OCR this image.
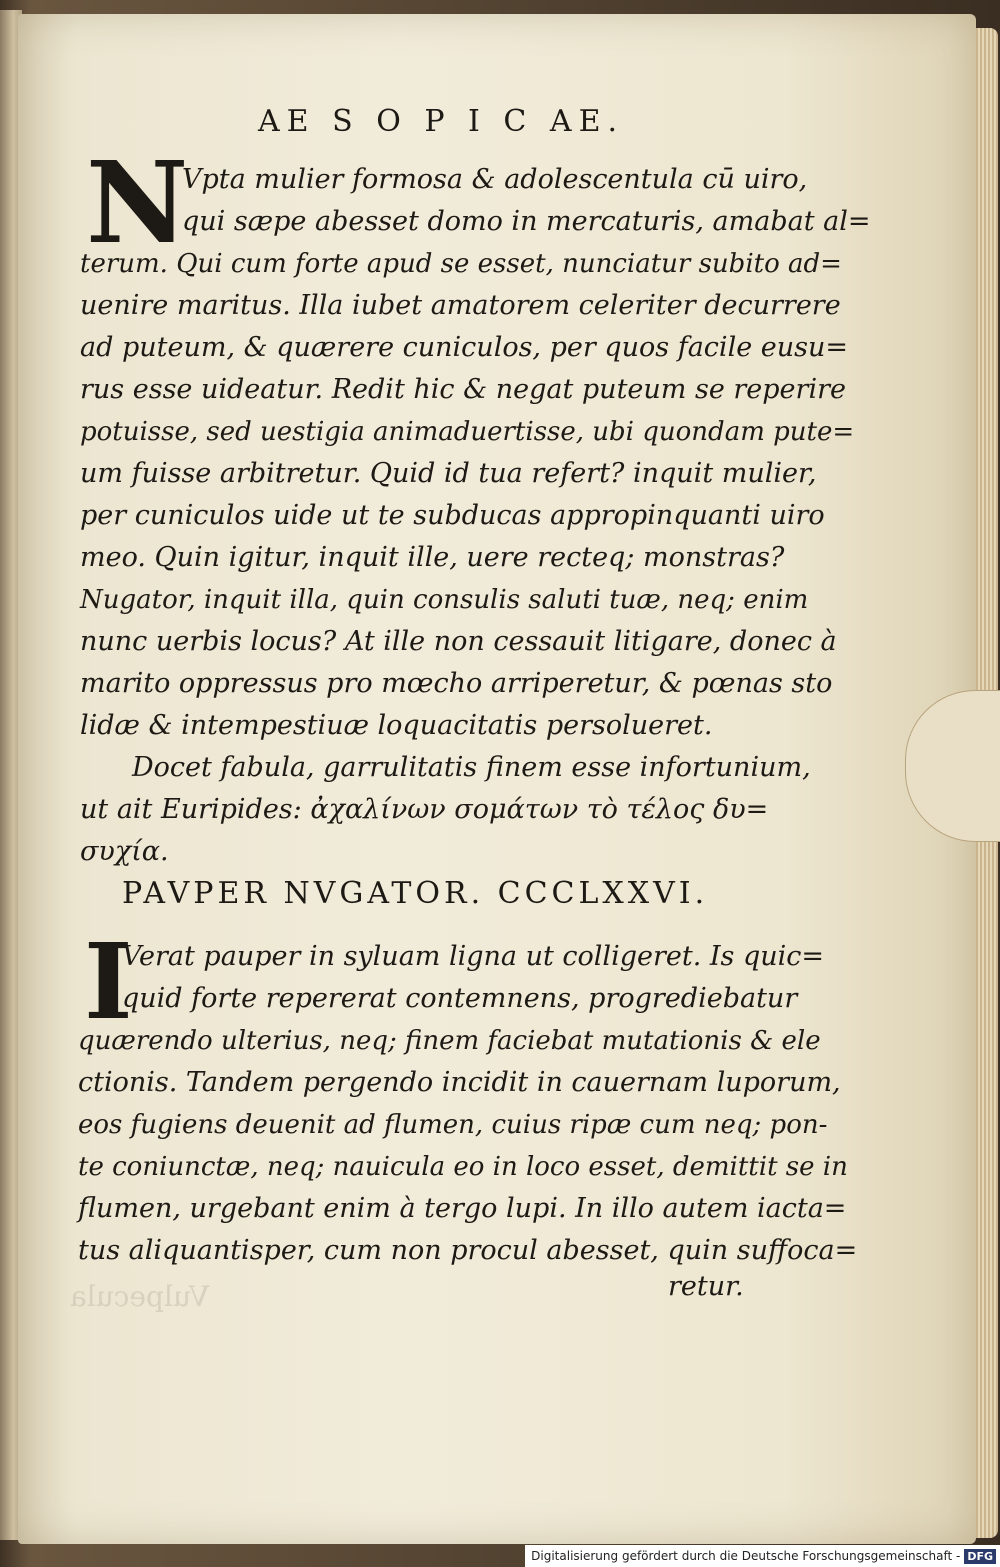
AE S O P I C AE.
N
Vpta mulier formosa & adolescentula cū uiro,
qui sæpe abesset domo in mercaturis, amabat al=
terum. Qui cum forte apud se esset, nunciatur subito ad=
uenire maritus. Illa iubet amatorem celeriter decurrere
ad puteum, & quærere cuniculos, per quos facile eusu=
rus esse uideatur. Redit hic & negat puteum se reperire
potuisse, sed uestigia animaduertisse, ubi quondam pute=
um fuisse arbitretur. Quid id tua refert? inquit mulier,
per cuniculos uide ut te subducas appropinquanti uiro
meo. Quin igitur, inquit ille, uere recteq; monstras?
Nugator, inquit illa, quin consulis saluti tuæ, neq; enim
nunc uerbis locus? At ille non cessauit litigare, donec à
marito oppressus pro mœcho arriperetur, & pœnas sto
lidæ & intempestiuæ loquacitatis persolueret.
Docet fabula, garrulitatis finem esse infortunium,
ut ait Euripides: ἀχαλίνων σομάτων τὸ τέλος δυ=
συχία.
PAVPER NVGATOR. CCCLXXVI.
I
Verat pauper in syluam ligna ut colligeret. Is quic=
quid forte repererat contemnens, progrediebatur
quærendo ulterius, neq; finem faciebat mutationis & ele
ctionis. Tandem pergendo incidit in cauernam luporum,
eos fugiens deuenit ad flumen, cuius ripæ cum neq; pon-
te coniunctæ, neq; nauicula eo in loco esset, demittit se in
flumen, urgebant enim à tergo lupi. In illo autem iacta=
tus aliquantisper, cum non procul abesset, quin suffoca=
retur.
Vulpecula
Digitalisierung gefördert durch die Deutsche Forschungsgemeinschaft - DFG
